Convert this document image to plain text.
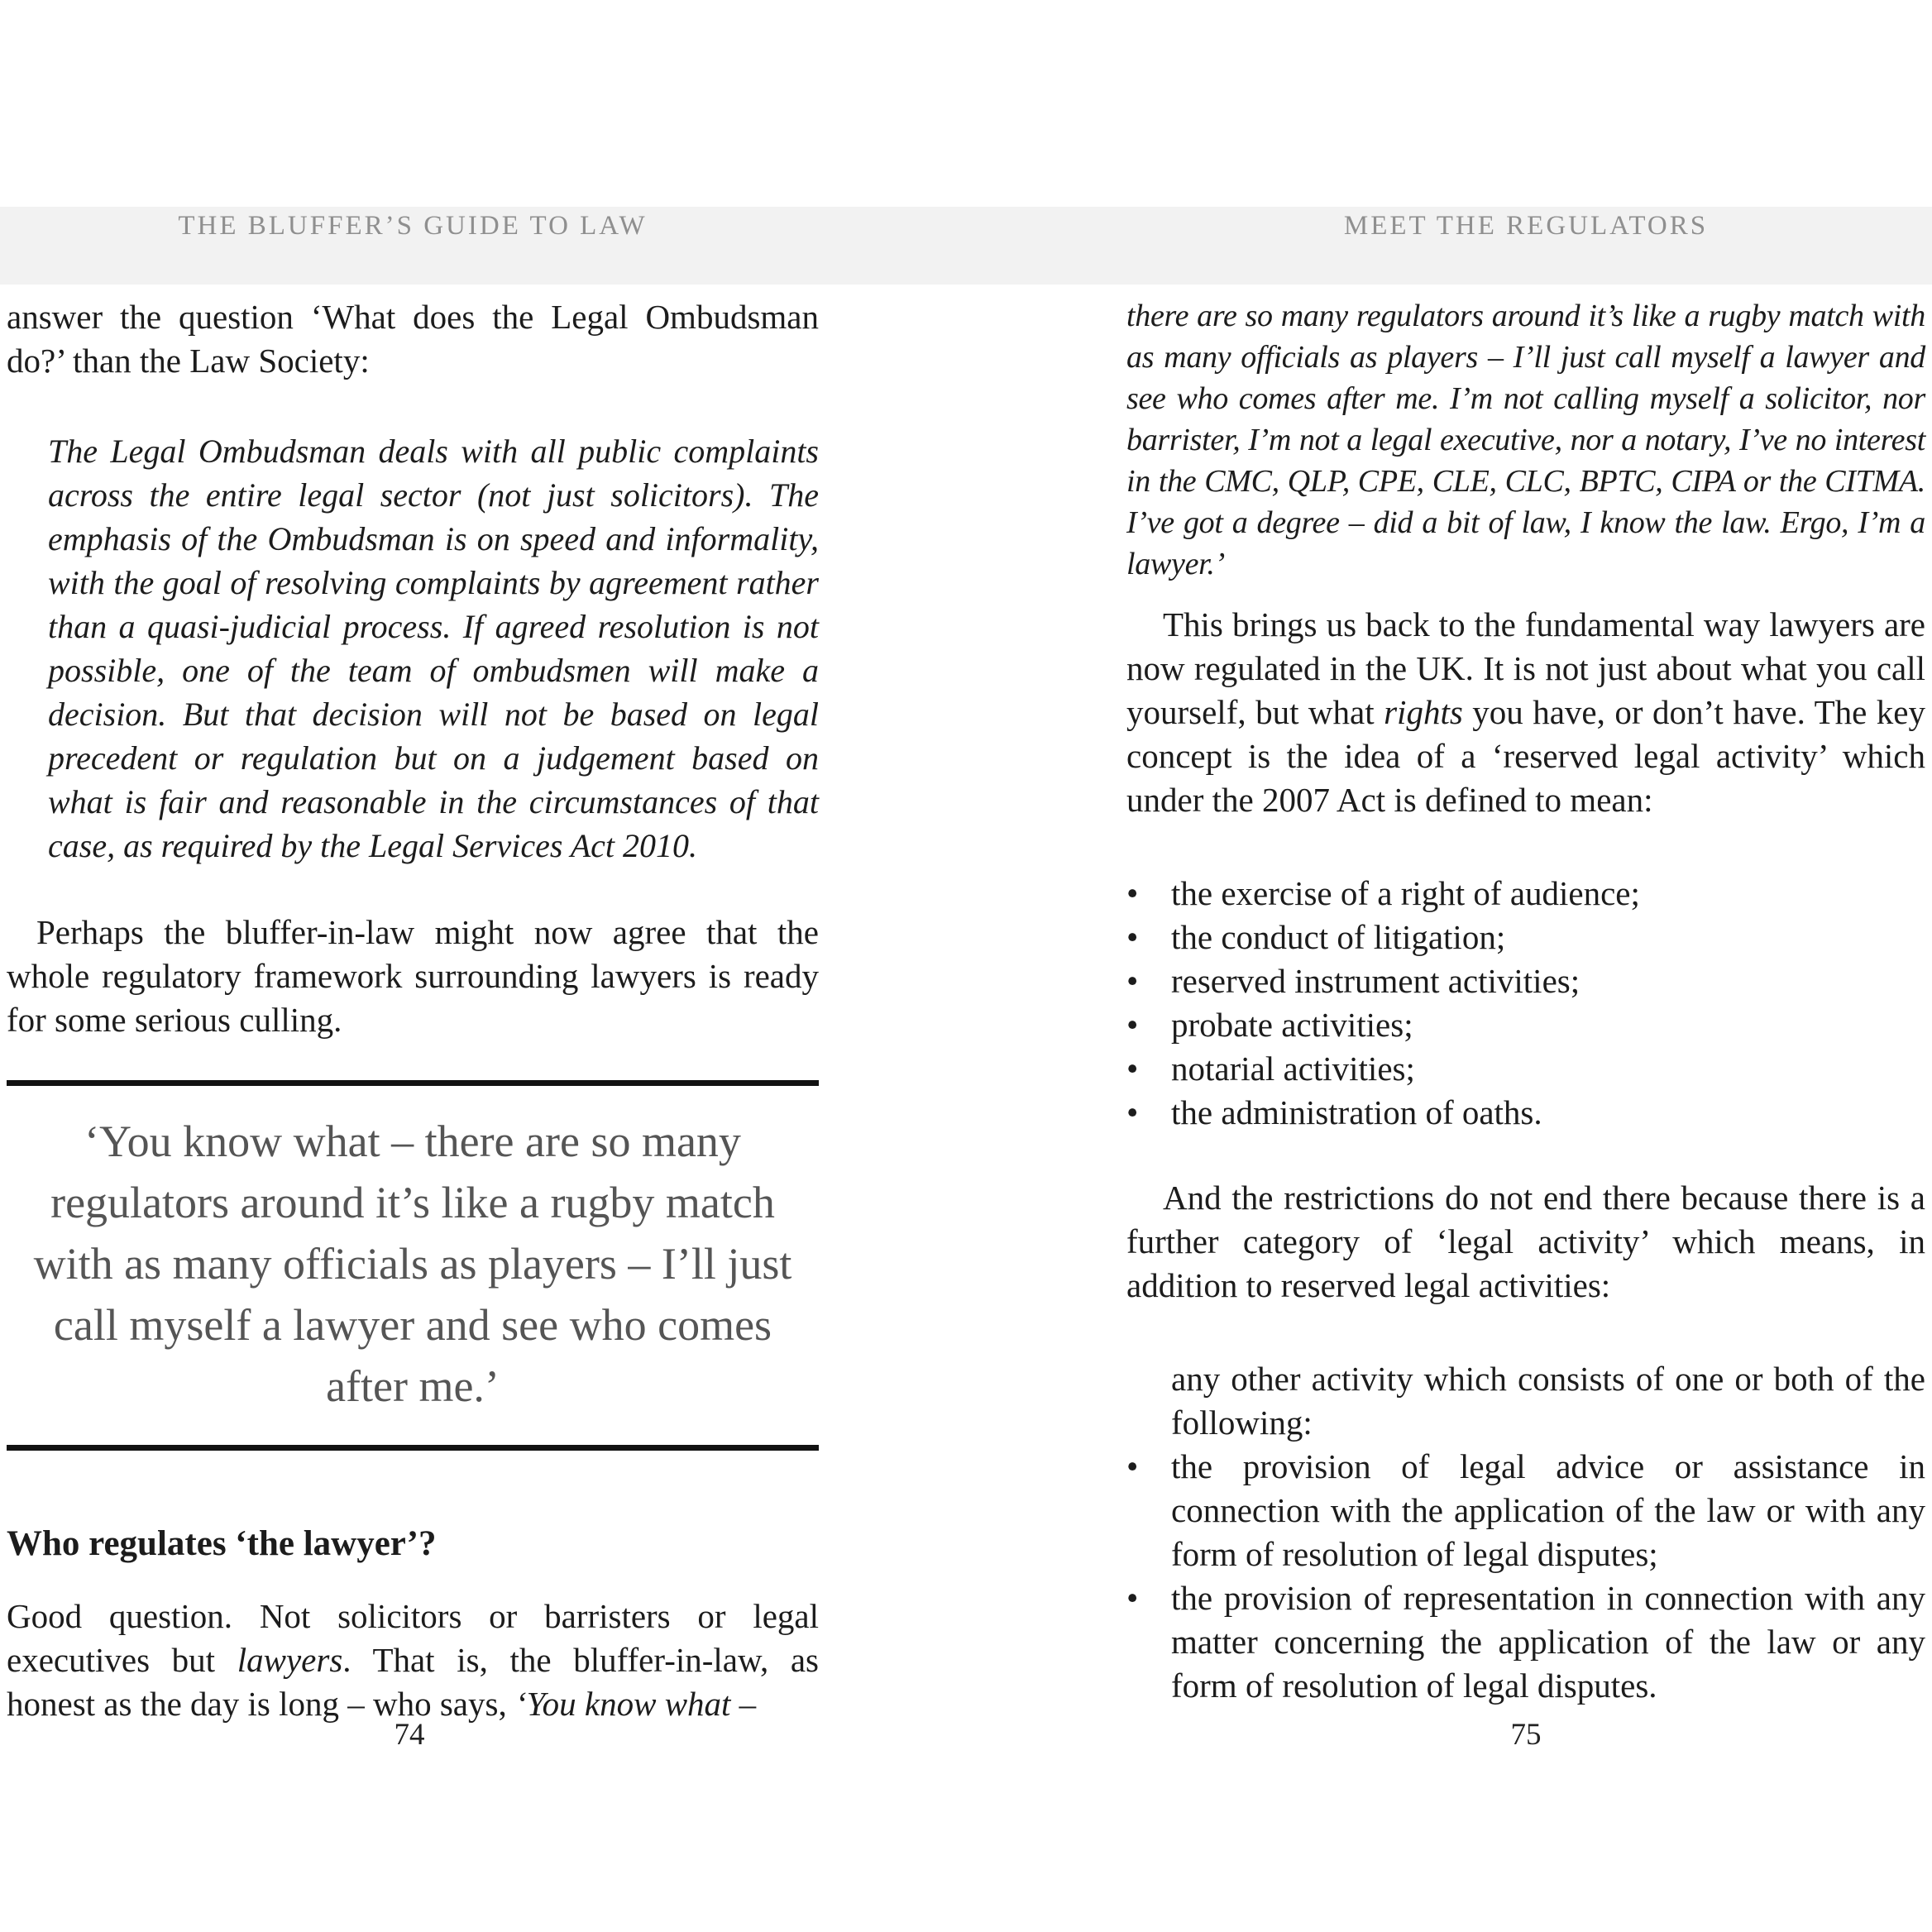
THE BLUFFER’S GUIDE TO LAW

answer the question ‘What does the Legal Ombudsman do?’ than the Law Society:

The Legal Ombudsman deals with all public complaints across the entire legal sector (not just solicitors). The emphasis of the Ombudsman is on speed and informality, with the goal of resolving complaints by agreement rather than a quasi-judicial process. If agreed resolution is not possible, one of the team of ombudsmen will make a decision. But that decision will not be based on legal precedent or regulation but on a judgement based on what is fair and reasonable in the circumstances of that case, as required by the Legal Services Act 2010.

Perhaps the bluffer-in-law might now agree that the whole regulatory framework surrounding lawyers is ready for some serious culling.

‘You know what – there are so many regulators around it’s like a rugby match with as many officials as players – I’ll just call myself a lawyer and see who comes after me.’
Who regulates ‘the lawyer’?

Good question. Not solicitors or barristers or legal executives but lawyers. That is, the bluffer-in-law, as honest as the day is long – who says, ‘You know what –

74
MEET THE REGULATORS

there are so many regulators around it’s like a rugby match with as many officials as players – I’ll just call myself a lawyer and see who comes after me. I’m not calling myself a solicitor, nor barrister, I’m not a legal executive, nor a notary, I’ve no interest in the CMC, QLP, CPE, CLE, CLC, BPTC, CIPA or the CITMA. I’ve got a degree – did a bit of law, I know the law. Ergo, I’m a lawyer.’

This brings us back to the fundamental way lawyers are now regulated in the UK. It is not just about what you call yourself, but what rights you have, or don’t have. The key concept is the idea of a ‘reserved legal activity’ which under the 2007 Act is defined to mean:

• the exercise of a right of audience;
• the conduct of litigation;
• reserved instrument activities;
• probate activities;
• notarial activities;
• the administration of oaths.

And the restrictions do not end there because there is a further category of ‘legal activity’ which means, in addition to reserved legal activities:

any other activity which consists of one or both of the following:

• the provision of legal advice or assistance in connection with the application of the law or with any form of resolution of legal disputes;
• the provision of representation in connection with any matter concerning the application of the law or any form of resolution of legal disputes.
75
